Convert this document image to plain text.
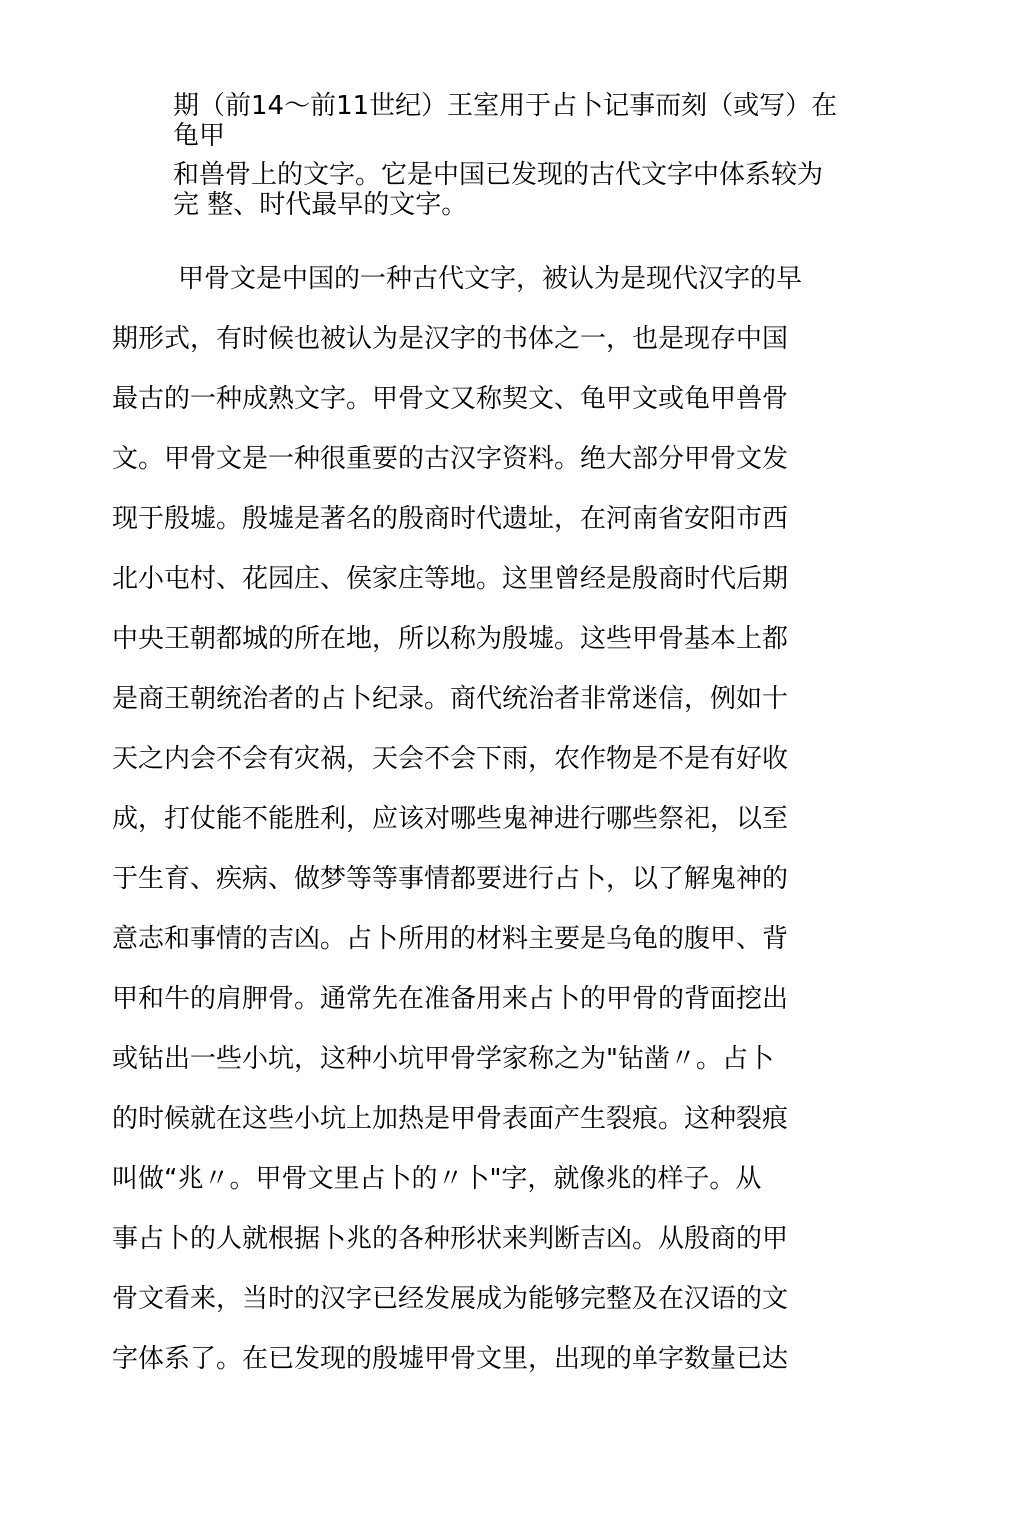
期（前14～前11世纪）王室用于占卜记事而刻（或写）在
龟甲
和兽骨上的文字。它是中国已发现的古代文字中体系较为
完 整、时代最早的文字。
甲骨文是中国的一种古代文字，被认为是现代汉字的早
期形式，有时候也被认为是汉字的书体之一，也是现存中国
最古的一种成熟文字。甲骨文又称契文、龟甲文或龟甲兽骨
文。甲骨文是一种很重要的古汉字资料。绝大部分甲骨文发
现于殷墟。殷墟是著名的殷商时代遗址，在河南省安阳市西
北小屯村、花园庄、侯家庄等地。这里曾经是殷商时代后期
中央王朝都城的所在地，所以称为殷墟。这些甲骨基本上都
是商王朝统治者的占卜纪录。商代统治者非常迷信，例如十
天之内会不会有灾祸，天会不会下雨，农作物是不是有好收
成，打仗能不能胜利，应该对哪些鬼神进行哪些祭祀，以至
于生育、疾病、做梦等等事情都要进行占卜，以了解鬼神的
意志和事情的吉凶。占卜所用的材料主要是乌龟的腹甲、背
甲和牛的肩胛骨。通常先在准备用来占卜的甲骨的背面挖出
或钻出一些小坑，这种小坑甲骨学家称之为"钻凿〃。占卜
的时候就在这些小坑上加热是甲骨表面产生裂痕。这种裂痕
叫做“兆〃。甲骨文里占卜的〃卜"字，就像兆的样子。从
事占卜的人就根据卜兆的各种形状来判断吉凶。从殷商的甲
骨文看来，当时的汉字已经发展成为能够完整及在汉语的文
字体系了。在已发现的殷墟甲骨文里，出现的单字数量已达
